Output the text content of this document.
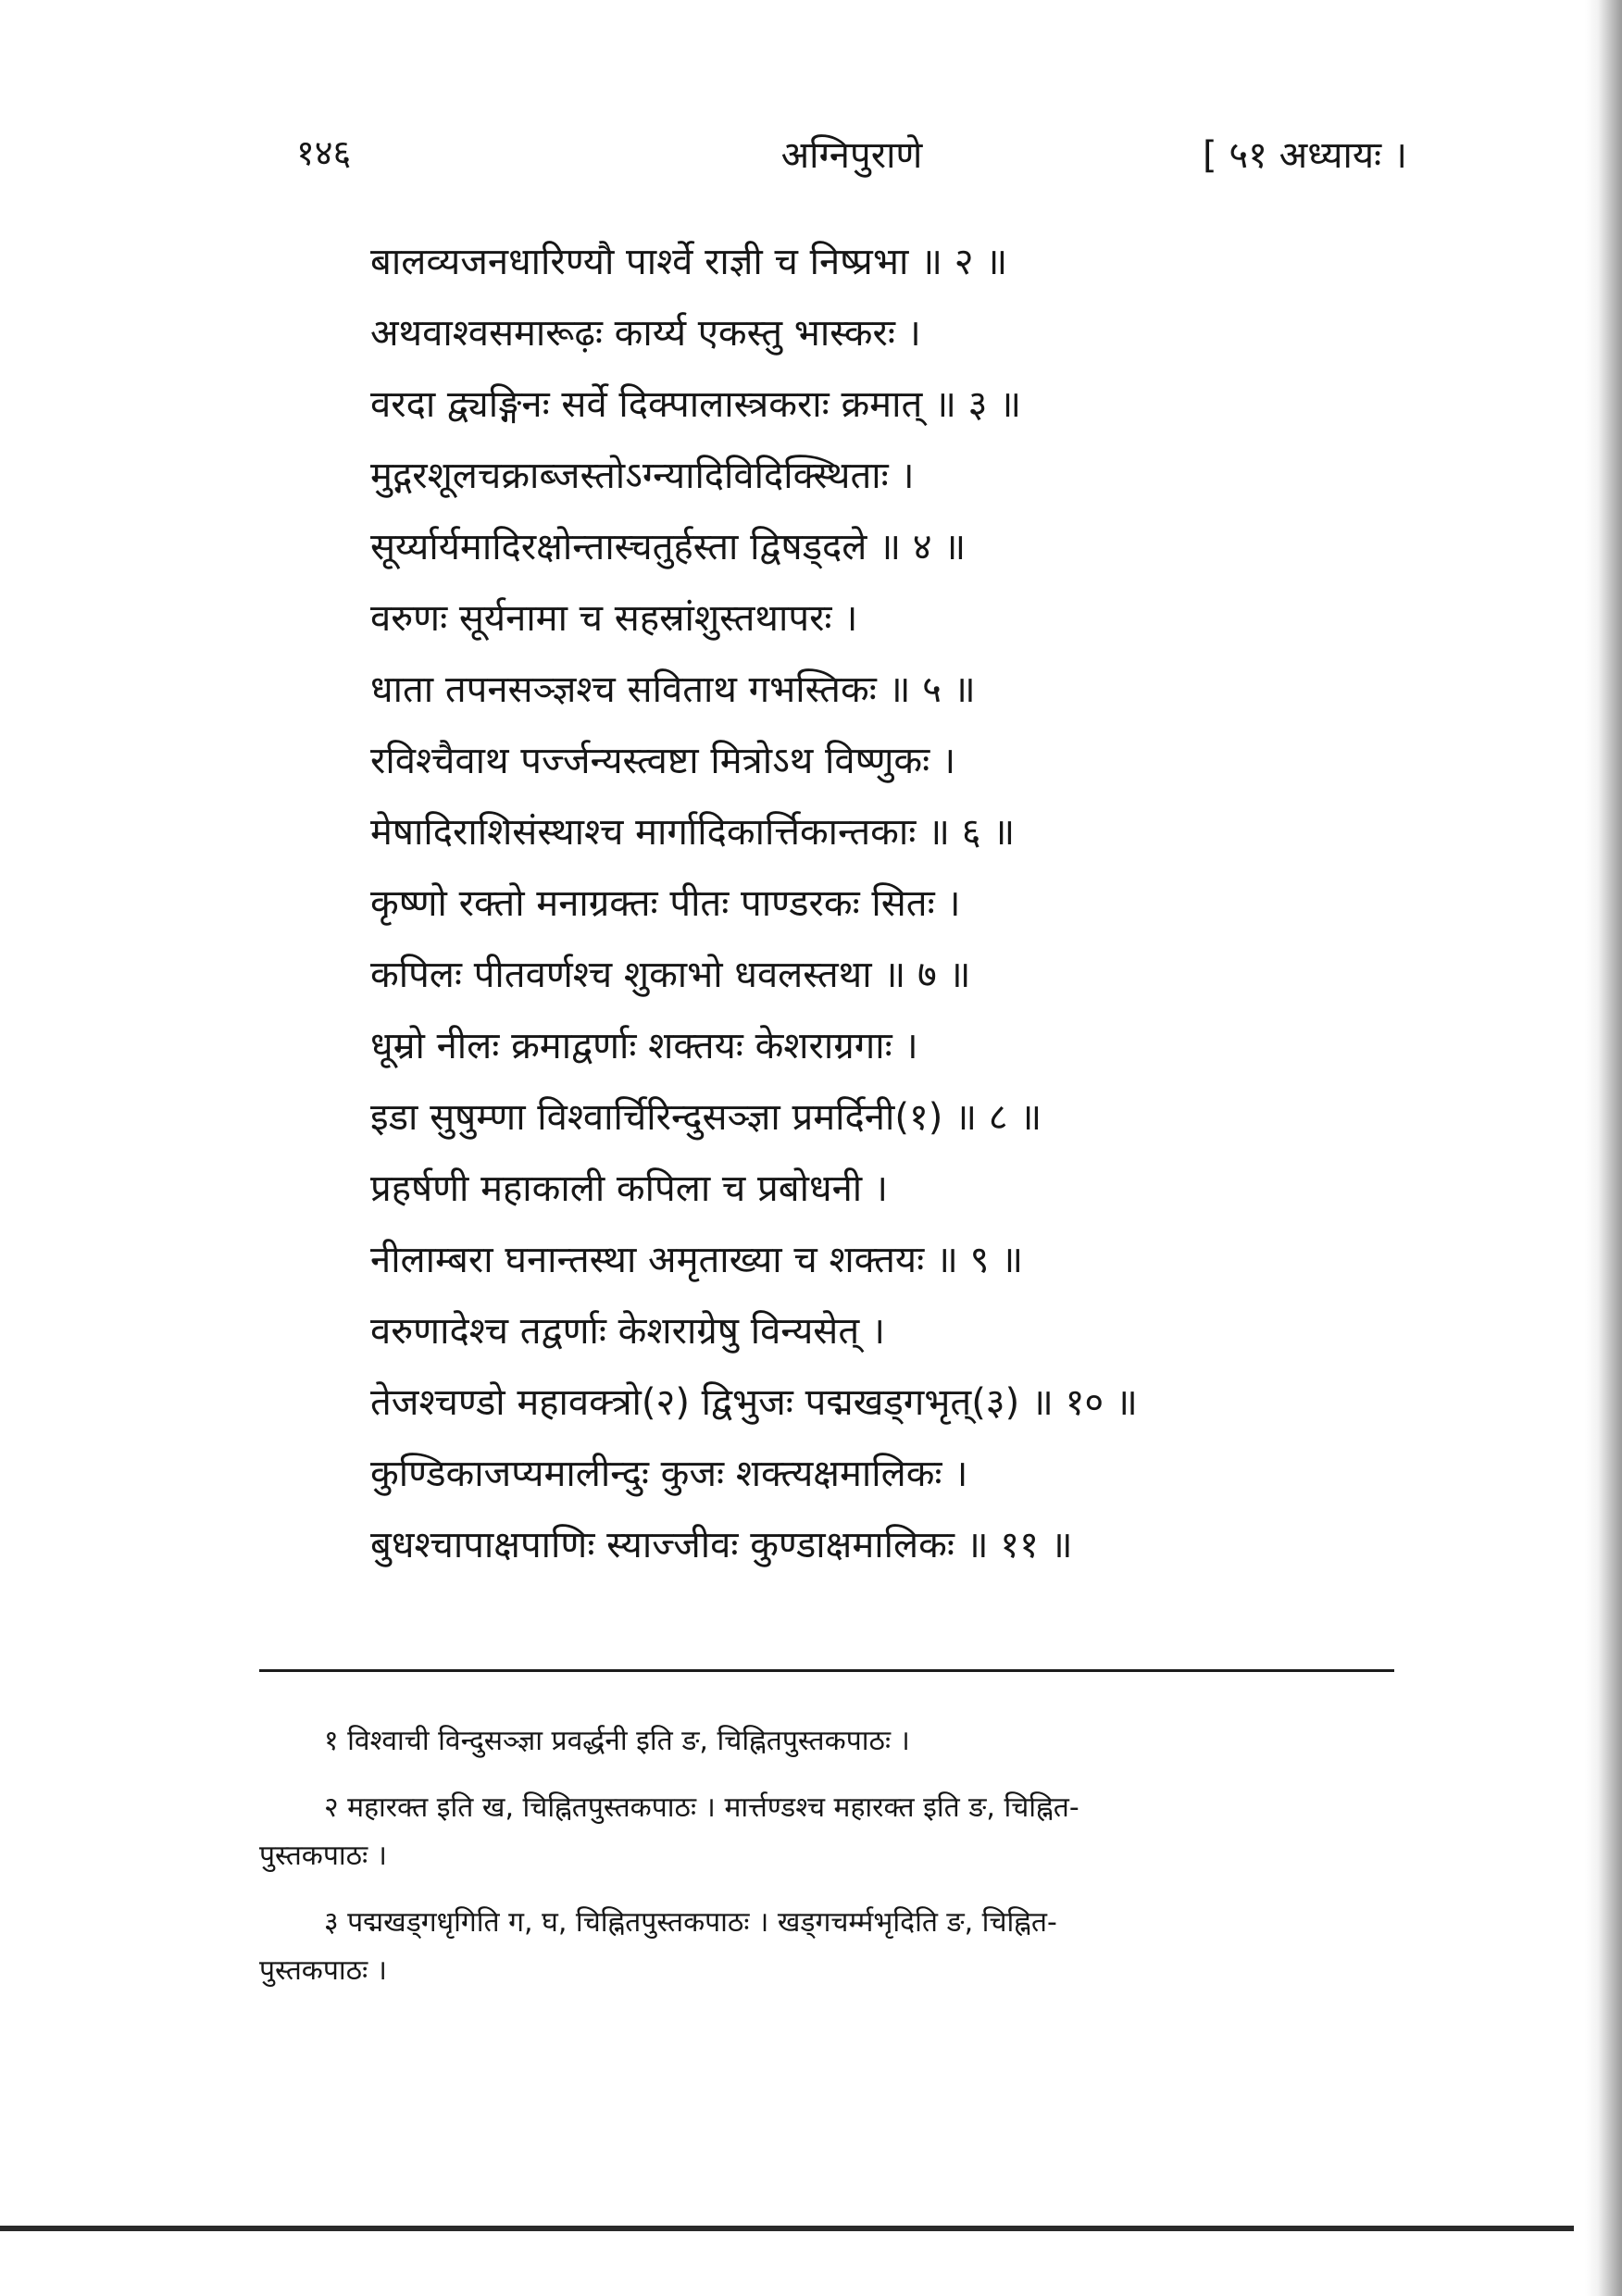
१४६	अग्निपुराणे	[ ५१ अध्यायः ।
बालव्यजनधारिण्यौ पार्श्वे राज्ञी च निष्प्रभा ॥ २ ॥
अथवाश्वसमारूढ़ः कार्य्य एकस्तु भास्करः ।
वरदा द्व्यङ्गिनः सर्वे दिक्पालास्त्रकराः क्रमात् ॥ ३ ॥
मुद्गरशूलचक्राब्जस्तोऽग्न्यादिविदिक्स्थिताः ।
सूर्य्यार्यमादिरक्षोन्तास्चतुर्हस्ता द्विषड्दले ॥ ४ ॥
वरुणः सूर्यनामा च सहस्रांशुस्तथापरः ।
धाता तपनसञ्ज्ञश्च सविताथ गभस्तिकः ॥ ५ ॥
रविश्चैवाथ पर्ज्जन्यस्त्वष्टा मित्रोऽथ विष्णुकः ।
मेषादिराशिसंस्थाश्च मार्गादिकार्त्तिकान्तकाः ॥ ६ ॥
कृष्णो रक्तो मनाग्रक्तः पीतः पाण्डरकः सितः ।
कपिलः पीतवर्णश्च शुकाभो धवलस्तथा ॥ ७ ॥
धूम्रो नीलः क्रमाद्वर्णाः शक्तयः केशराग्रगाः ।
इडा सुषुम्णा विश्वार्चिरिन्दुसञ्ज्ञा प्रमर्दिनी(१) ॥ ८ ॥
प्रहर्षणी महाकाली कपिला च प्रबोधनी ।
नीलाम्बरा घनान्तस्था अमृताख्या च शक्तयः ॥ ९ ॥
वरुणादेश्च तद्वर्णाः केशराग्रेषु विन्यसेत् ।
तेजश्चण्डो महावक्त्रो(२) द्विभुजः पद्मखड्गभृत्(३) ॥ १० ॥
कुण्डिकाजप्यमालीन्दुः कुजः शक्त्यक्षमालिकः ।
बुधश्चापाक्षपाणिः स्याज्जीवः कुण्डाक्षमालिकः ॥ ११ ॥
१ विश्वाची विन्दुसञ्ज्ञा प्रवर्द्धनी इति ङ, चिह्नितपुस्तकपाठः ।
२ महारक्त इति ख, चिह्नितपुस्तकपाठः । मार्त्तण्डश्च महारक्त इति ङ, चिह्नित-
पुस्तकपाठः ।
३ पद्मखड्गधृगिति ग, घ, चिह्नितपुस्तकपाठः । खड्गचर्म्मभृदिति ङ, चिह्नित-
पुस्तकपाठः ।
